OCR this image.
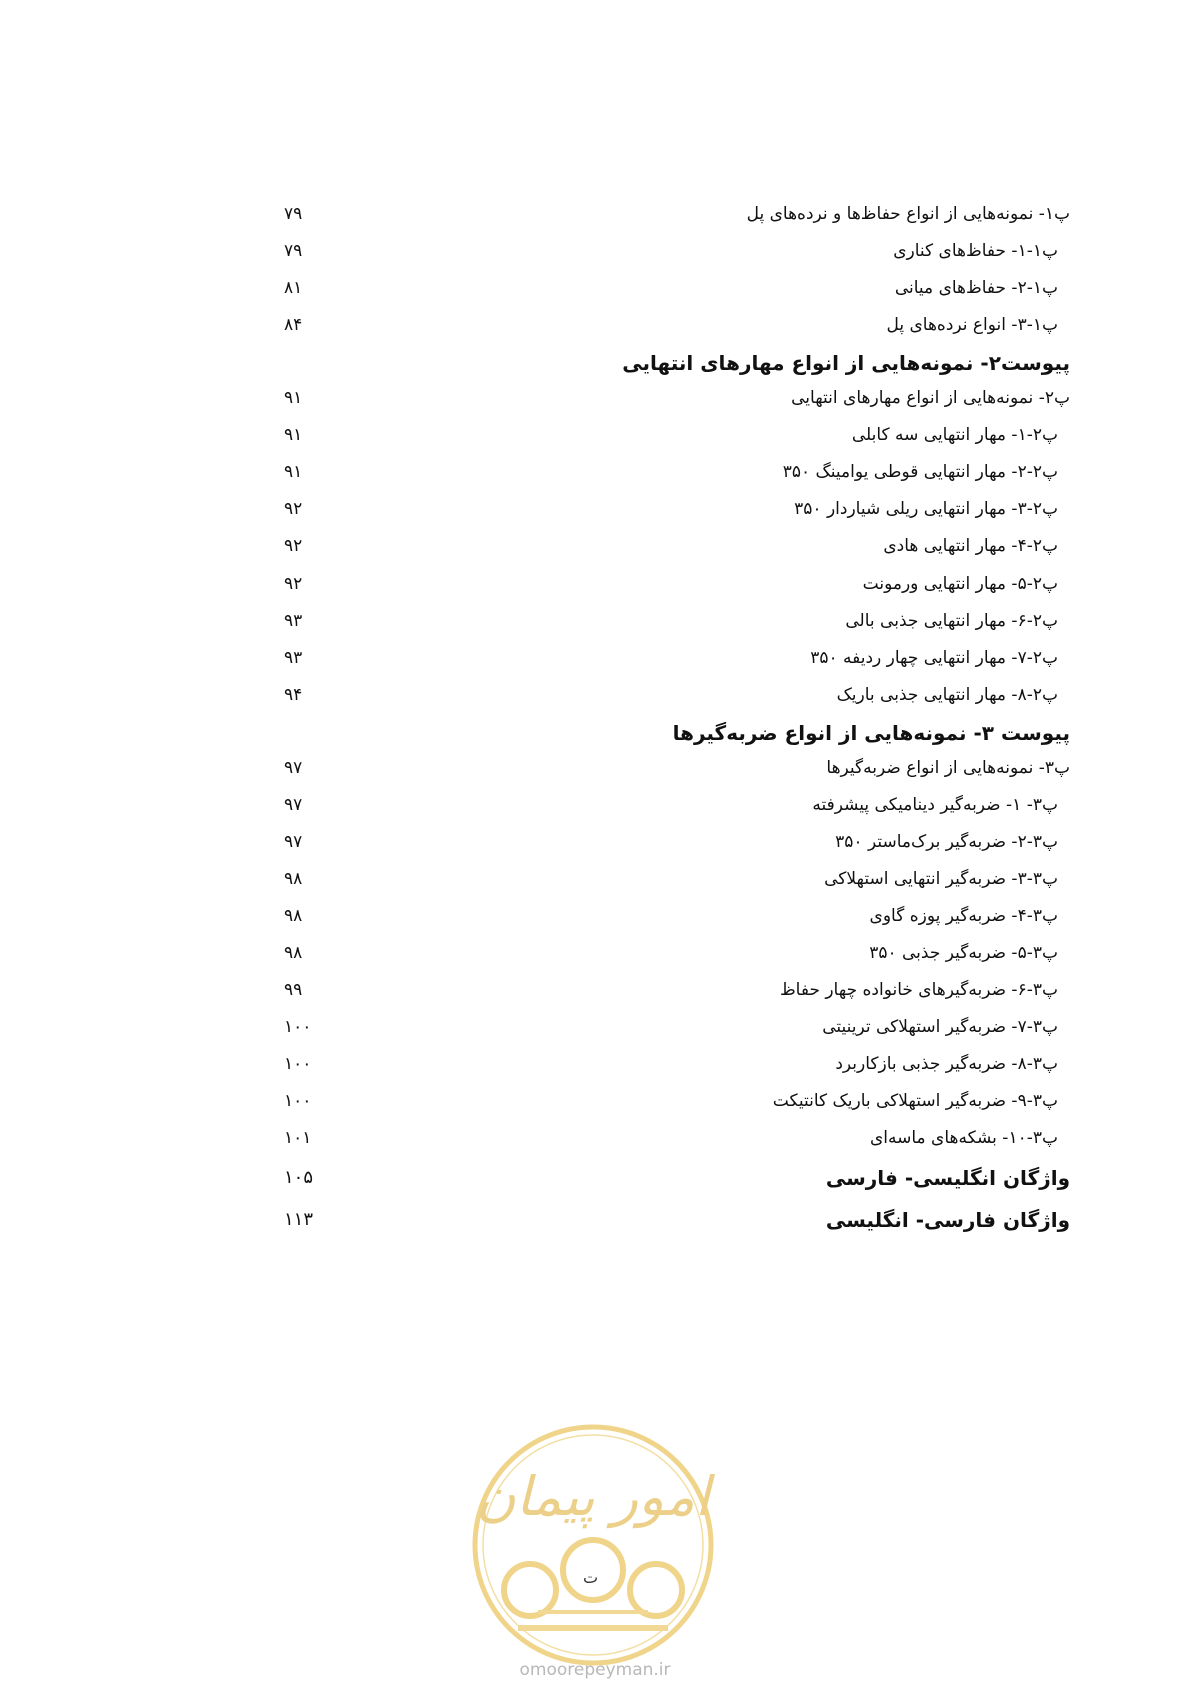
پ۱- نمونه‌هایی از انواع حفاظ‌ها و نرده‌های پل
۷۹
پ۱-۱- حفاظ‌های کناری
۷۹
پ۱-۲- حفاظ‌های میانی
۸۱
پ۱-۳- انواع نرده‌های پل
۸۴
پیوست۲- نمونه‌هایی از انواع مهارهای انتهایی
پ۲- نمونه‌هایی از انواع مهارهای انتهایی
۹۱
پ۲-۱- مهار انتهایی سه کابلی
۹۱
پ۲-۲- مهار انتهایی قوطی یوامینگ ۳۵۰
۹۱
پ۲-۳- مهار انتهایی ریلی شیاردار ۳۵۰
۹۲
پ۲-۴- مهار انتهایی هادی
۹۲
پ۲-۵- مهار انتهایی ورمونت
۹۲
پ۲-۶- مهار انتهایی جذبی بالی
۹۳
پ۲-۷- مهار انتهایی چهار ردیفه ۳۵۰
۹۳
پ۲-۸- مهار انتهایی جذبی باریک
۹۴
پیوست ۳- نمونه‌هایی از انواع ضربه‌گیرها
پ۳- نمونه‌هایی از انواع ضربه‌گیرها
۹۷
پ۳- ۱- ضربه‌گیر دینامیکی پیشرفته
۹۷
پ۳-۲- ضربه‌گیر برک‌ماستر ۳۵۰
۹۷
پ۳-۳- ضربه‌گیر انتهایی استهلاکی
۹۸
پ۳-۴- ضربه‌گیر پوزه گاوی
۹۸
پ۳-۵- ضربه‌گیر جذبی ۳۵۰
۹۸
پ۳-۶- ضربه‌گیرهای خانواده چهار حفاظ
۹۹
پ۳-۷- ضربه‌گیر استهلاکی ترینیتی
۱۰۰
پ۳-۸- ضربه‌گیر جذبی بازکاربرد
۱۰۰
پ۳-۹- ضربه‌گیر استهلاکی باریک کانتیکت
۱۰۰
پ۳-۱۰- بشکه‌های ماسه‌ای
۱۰۱
واژگان انگلیسی- فارسی
۱۰۵
واژگان فارسی- انگلیسی
۱۱۳
امور پیمان
ت
omoorepeyman.ir
